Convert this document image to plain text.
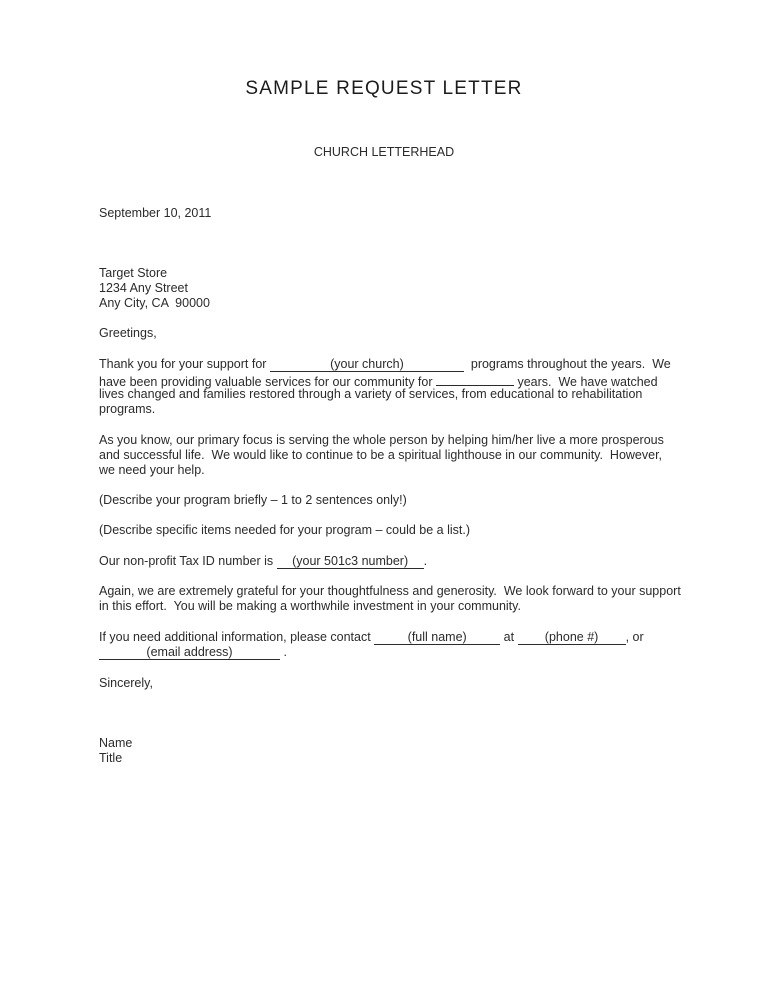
SAMPLE REQUEST LETTER
CHURCH LETTERHEAD
September 10, 2011
Target Store
1234 Any Street
Any City, CA  90000
Greetings,
Thank you for your support for	(your church)	programs throughout the years.  We
have been providing valuable services for our community for	years.  We have watched
lives changed and families restored through a variety of services, from educational to rehabilitation
programs.
As you know, our primary focus is serving the whole person by helping him/her live a more prosperous
and successful life.  We would like to continue to be a spiritual lighthouse in our community.  However,
we need your help.
(Describe your program briefly – 1 to 2 sentences only!)
(Describe specific items needed for your program – could be a list.)
Our non-profit Tax ID number is (your 501c3 number) .
Again, we are extremely grateful for your thoughtfulness and generosity.  We look forward to your support
in this effort.  You will be making a worthwhile investment in your community.
If you need additional information, please contact	(full name)	at (phone #) , or
(email address)	.
Sincerely,
Name
Title
